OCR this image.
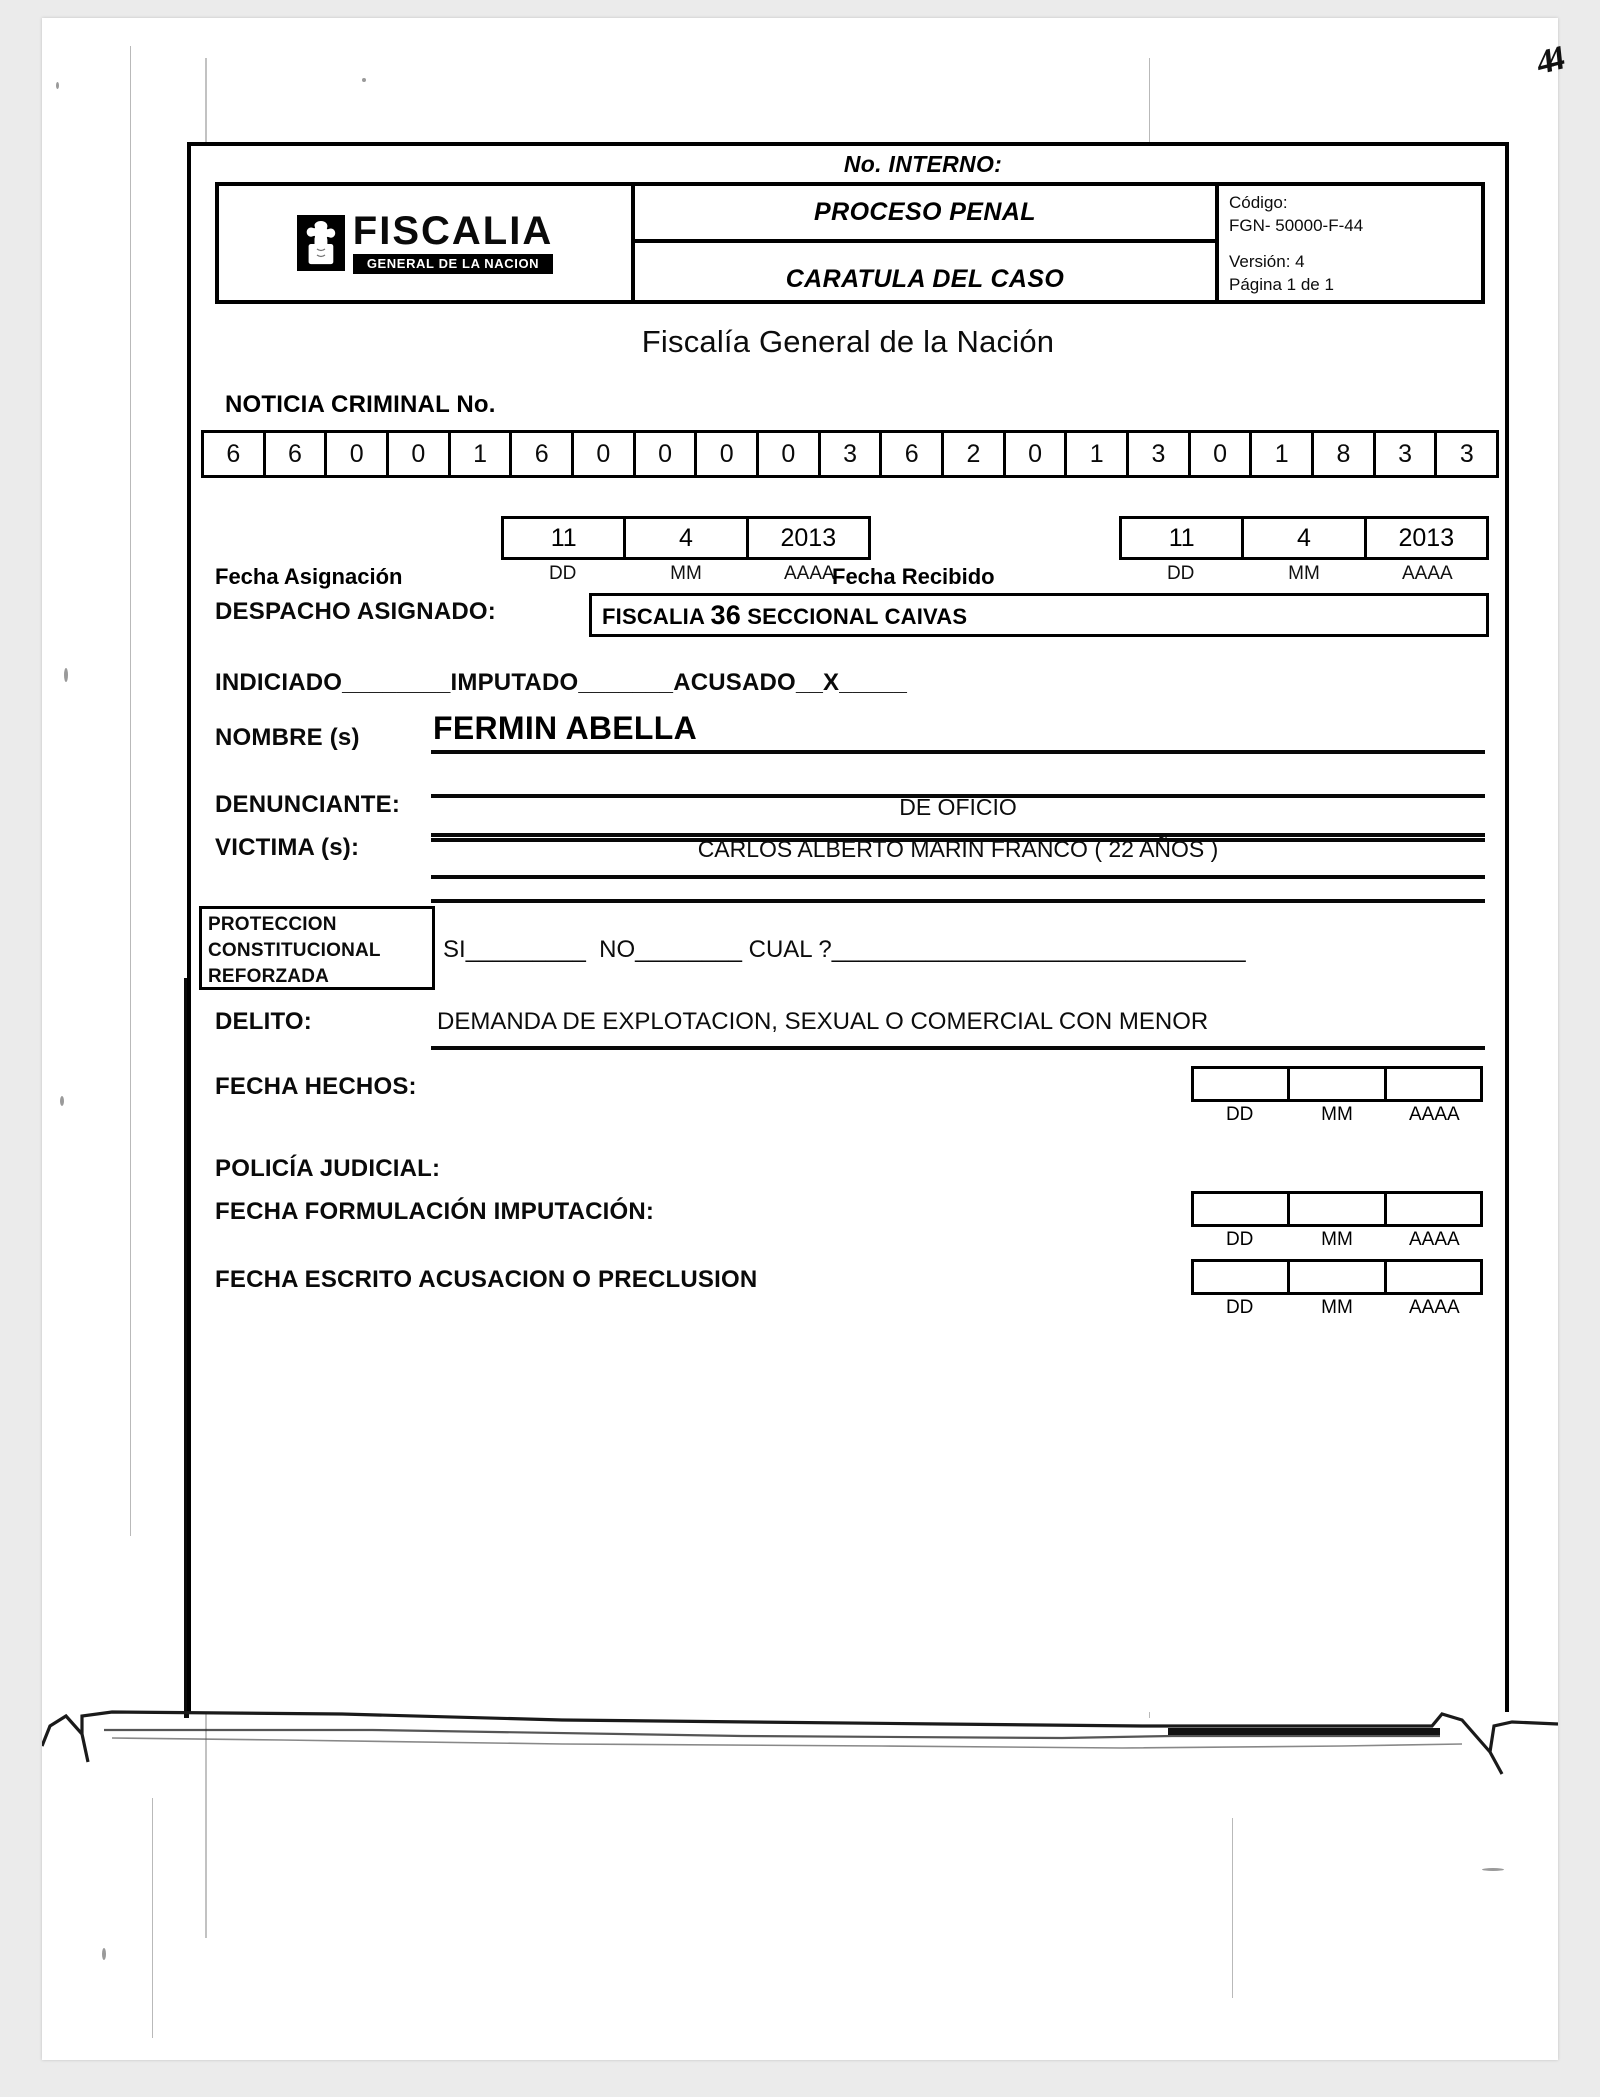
44
No. INTERNO:
FISCALIA
GENERAL DE LA NACION
PROCESO PENAL
CARATULA DEL CASO
Código:
FGN- 50000-F-44
Versión: 4
Página 1 de 1
Fiscalía General de la Nación
NOTICIA CRIMINAL No.
6	6	0	0	1	6	0	0	0	0	3	6	2	0	1	3	0	1	8	3	3
11	4	2013
DD	MM	AAAA
Fecha Asignación
11	4	2013
DD	MM	AAAA
Fecha Recibido
DESPACHO ASIGNADO:	FISCALIA 36 SECCIONAL CAIVAS
INDICIADO________IMPUTADO_______ACUSADO__X_____
NOMBRE (s) FERMIN ABELLA
DENUNCIANTE:	DE OFICIO
VICTIMA (s):	CARLOS ALBERTO MARIN FRANCO ( 22 AÑOS )
PROTECCION
CONSTITUCIONAL
REFORZADA
SI_________ NO________ CUAL ?_______________________________
DELITO:	DEMANDA DE EXPLOTACION, SEXUAL O COMERCIAL CON MENOR
FECHA HECHOS:
DD	MM	AAAA
POLICÍA JUDICIAL:
FECHA FORMULACIÓN IMPUTACIÓN:
DD	MM	AAAA
FECHA ESCRITO ACUSACION O PRECLUSION
DD	MM	AAAA
